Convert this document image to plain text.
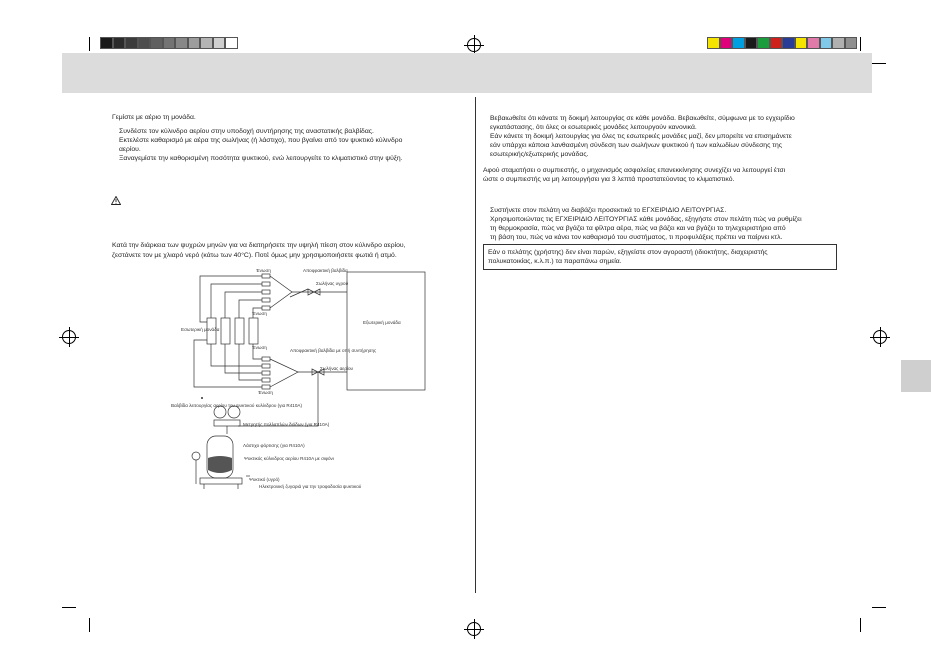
Γεμίστε με αέριο τη μονάδα.
Συνδέστε τον κύλινδρο αερίου στην υποδοχή συντήρησης της αναστατικής βαλβίδας.
Εκτελέστε καθαρισμό με αέρα της σωλήνας (ή λάστιχο), που βγαίνει από τον ψυκτικό κύλινδρο
αερίου.
Ξαναγεμίστε την καθορισμένη ποσότητα ψυκτικού, ενώ λειτουργείτε το κλιματιστικό στην ψύξη.
Κατά την διάρκεια των ψυχρών μηνών για να διατηρήσετε την υψηλή πίεση στον κύλινδρο αερίου,
ζεστάνετε τον με χλιαρό νερό (κάτω των 40°C). Ποτέ όμως μην χρησιμοποιήσετε φωτιά ή ατμό.
Βεβαιωθείτε ότι κάνατε τη δοκιμή λειτουργίας σε κάθε μονάδα. Βεβαιωθείτε, σύμφωνα με το εγχειρίδιο
εγκατάστασης, ότι όλες οι εσωτερικές μονάδες λειτουργούν κανονικά.
Εάν κάνετε τη δοκιμή λειτουργίας για όλες τις εσωτερικές μονάδες μαζί, δεν μπορείτε να επισημάνετε
εάν υπάρχει κάποια λανθασμένη σύνδεση των σωλήνων ψυκτικού ή των καλωδίων σύνδεσης της
εσωτερικής/εξωτερικής μονάδας.
Αφού σταματήσει ο συμπιεστής, ο μηχανισμός ασφαλείας επανεκκίνησης συνεχίζει να λειτουργεί έτσι
ώστε ο συμπιεστής να μη λειτουργήσει για 3 λεπτά προστατεύοντας το κλιματιστικό.
Συστήνετε στον πελάτη να διαβάζει προσεκτικά το ΕΓΧΕΙΡΙΔΙΟ ΛΕΙΤΟΥΡΓΙΑΣ.
Χρησιμοποιώντας τις ΕΓΧΕΙΡΙΔΙΟ ΛΕΙΤΟΥΡΓΙΑΣ κάθε μονάδας, εξηγήστε στον πελάτη πώς να ρυθμίζει
τη θερμοκρασία, πώς να βγάζει τα φίλτρα αέρα, πώς να βάζει και να βγάζει το τηλεχειριστήριο από
τη βάση του, πώς να κάνει τον καθαρισμό του συστήματος, τι προφυλάξεις πρέπει να παίρνει κτλ.
Εάν ο πελάτης (χρήστης) δεν είναι παρών, εξηγείστε στον αγοραστή (ιδιοκτήτης, διαχειριστής
πολυκατοικίας, κ.λ.π.) τα παραπάνω σημεία.
Ένωση	Αποφρακτική βαλβίδα
Σωλήνας υγρού
Ένωση
Εσωτερική μονάδα
Εξωτερική μονάδα
Ένωση
Αποφρακτική βαλβίδα με οπή συντήρησης
Σωλήνας αερίου
Ένωση
Βαλβίδα λειτουργίας αερίου του ψυκτικού κυλίνδρου (για R410A)
Μετρητής πολλαπλών διόδων (για R410A)
Λάστιχο φόρτισης (για R410A)
Ψυκτικός κύλινδρος αερίου R410A με σιφόνι
Ψυκτικό (υγρό)
Ηλεκτρονική ζυγαριά για την τροφοδοσία ψυκτικού
